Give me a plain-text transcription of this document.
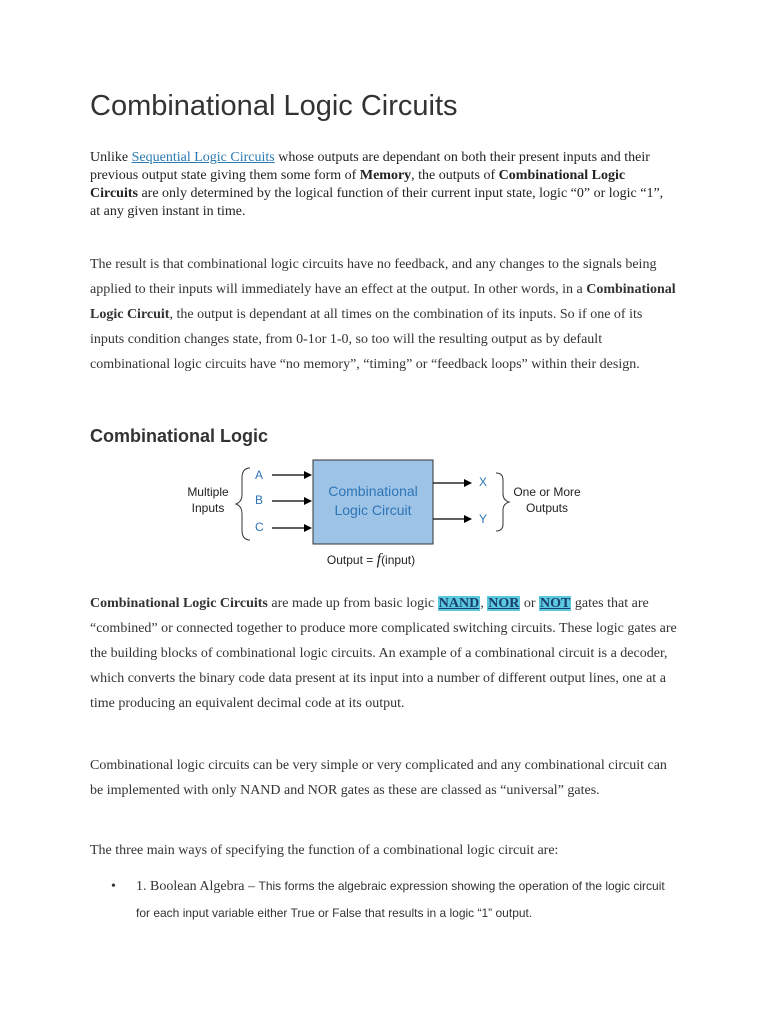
Combinational Logic Circuits

Unlike Sequential Logic Circuits whose outputs are dependant on both their present inputs and their previous output state giving them some form of Memory, the outputs of Combinational Logic Circuits are only determined by the logical function of their current input state, logic “0” or logic “1”, at any given instant in time.

The result is that combinational logic circuits have no feedback, and any changes to the signals being applied to their inputs will immediately have an effect at the output. In other words, in a Combinational Logic Circuit, the output is dependant at all times on the combination of its inputs. So if one of its inputs condition changes state, from 0-1or 1-0, so too will the resulting output as by default combinational logic circuits have “no memory”, “timing” or “feedback loops” within their design.

Combinational Logic
Multiple
Inputs
A
B
C
Combinational
Logic Circuit
X
Y
One or More
Outputs
Output = f(input)

Combinational Logic Circuits are made up from basic logic NAND, NOR or NOT gates that are “combined” or connected together to produce more complicated switching circuits. These logic gates are the building blocks of combinational logic circuits. An example of a combinational circuit is a decoder, which converts the binary code data present at its input into a number of different output lines, one at a time producing an equivalent decimal code at its output.

Combinational logic circuits can be very simple or very complicated and any combinational circuit can be implemented with only NAND and NOR gates as these are classed as “universal” gates.

The three main ways of specifying the function of a combinational logic circuit are:

•	1. Boolean Algebra – This forms the algebraic expression showing the operation of the logic circuit for each input variable either True or False that results in a logic “1” output.
